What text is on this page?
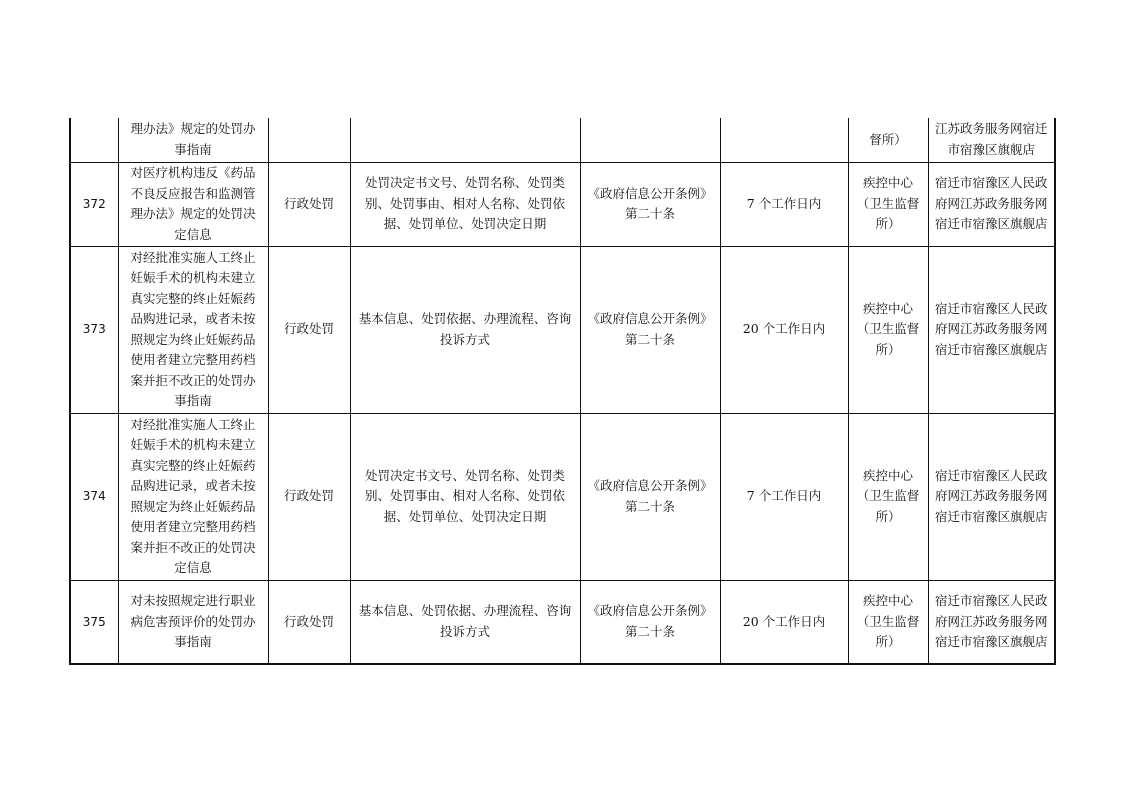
	理办法》规定的处罚办事指南					督所）	江苏政务服务网宿迁市宿豫区旗舰店
372	对医疗机构违反《药品不良反应报告和监测管理办法》规定的处罚决定信息	行政处罚	处罚决定书文号、处罚名称、处罚类别、处罚事由、相对人名称、处罚依据、处罚单位、处罚决定日期	《政府信息公开条例》第二十条	7 个工作日内	疾控中心（卫生监督所）	宿迁市宿豫区人民政府网江苏政务服务网宿迁市宿豫区旗舰店
373	对经批准实施人工终止妊娠手术的机构未建立真实完整的终止妊娠药品购进记录，或者未按照规定为终止妊娠药品使用者建立完整用药档案并拒不改正的处罚办事指南	行政处罚	基本信息、处罚依据、办理流程、咨询投诉方式	《政府信息公开条例》第二十条	20 个工作日内	疾控中心（卫生监督所）	宿迁市宿豫区人民政府网江苏政务服务网宿迁市宿豫区旗舰店
374	对经批准实施人工终止妊娠手术的机构未建立真实完整的终止妊娠药品购进记录，或者未按照规定为终止妊娠药品使用者建立完整用药档案并拒不改正的处罚决定信息	行政处罚	处罚决定书文号、处罚名称、处罚类别、处罚事由、相对人名称、处罚依据、处罚单位、处罚决定日期	《政府信息公开条例》第二十条	7 个工作日内	疾控中心（卫生监督所）	宿迁市宿豫区人民政府网江苏政务服务网宿迁市宿豫区旗舰店
375	对未按照规定进行职业病危害预评价的处罚办事指南	行政处罚	基本信息、处罚依据、办理流程、咨询投诉方式	《政府信息公开条例》第二十条	20 个工作日内	疾控中心（卫生监督所）	宿迁市宿豫区人民政府网江苏政务服务网宿迁市宿豫区旗舰店
